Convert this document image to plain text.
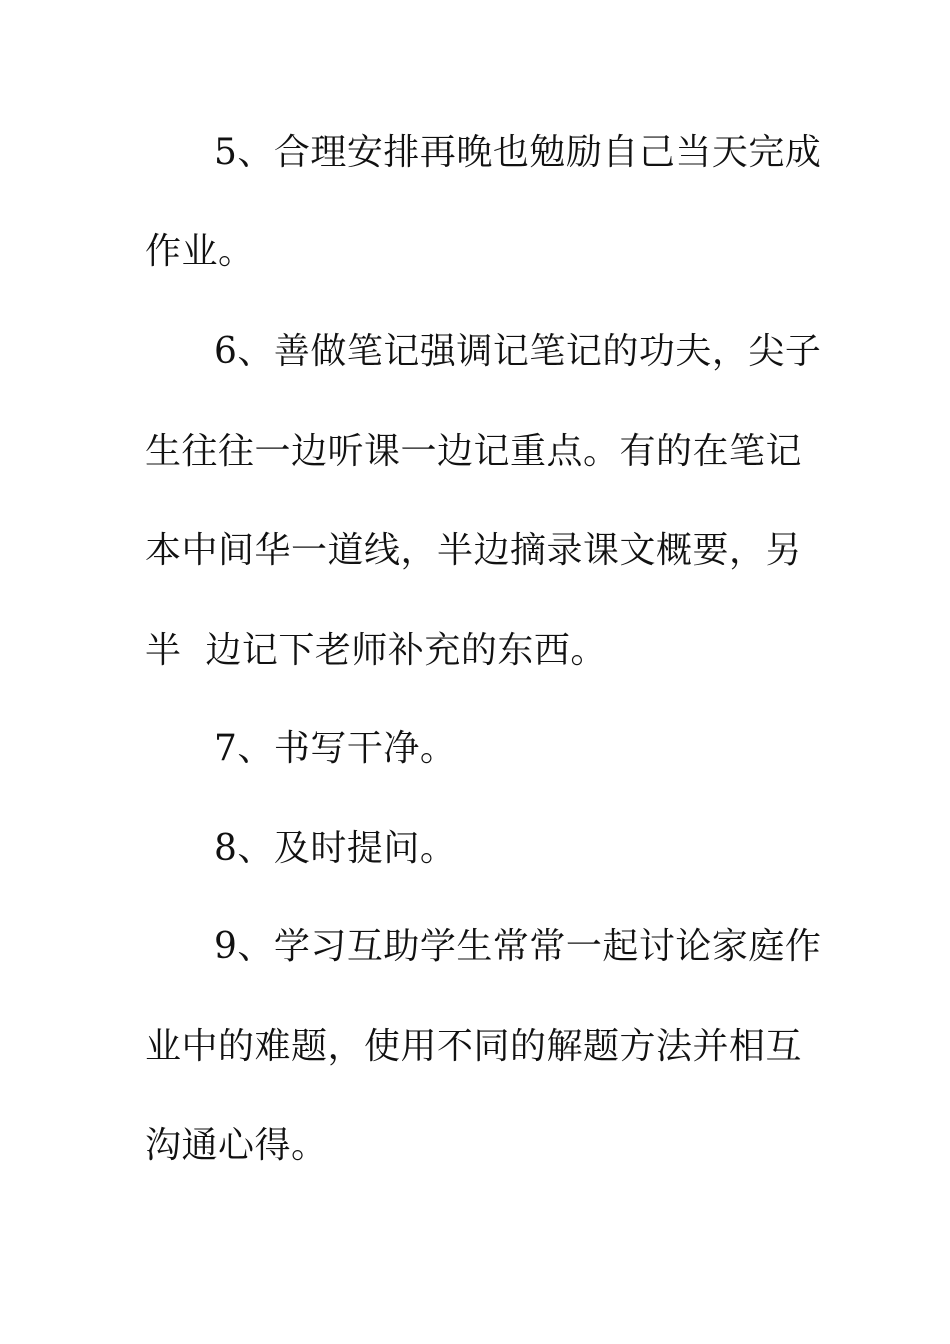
5、合理安排再晚也勉励自己当天完成
作业。
6、善做笔记强调记笔记的功夫，尖子
生往往一边听课一边记重点。有的在笔记
本中间华一道线，半边摘录课文概要，另
半  边记下老师补充的东西。
7、书写干净。
8、及时提问。
9、学习互助学生常常一起讨论家庭作
业中的难题，使用不同的解题方法并相互
沟通心得。
